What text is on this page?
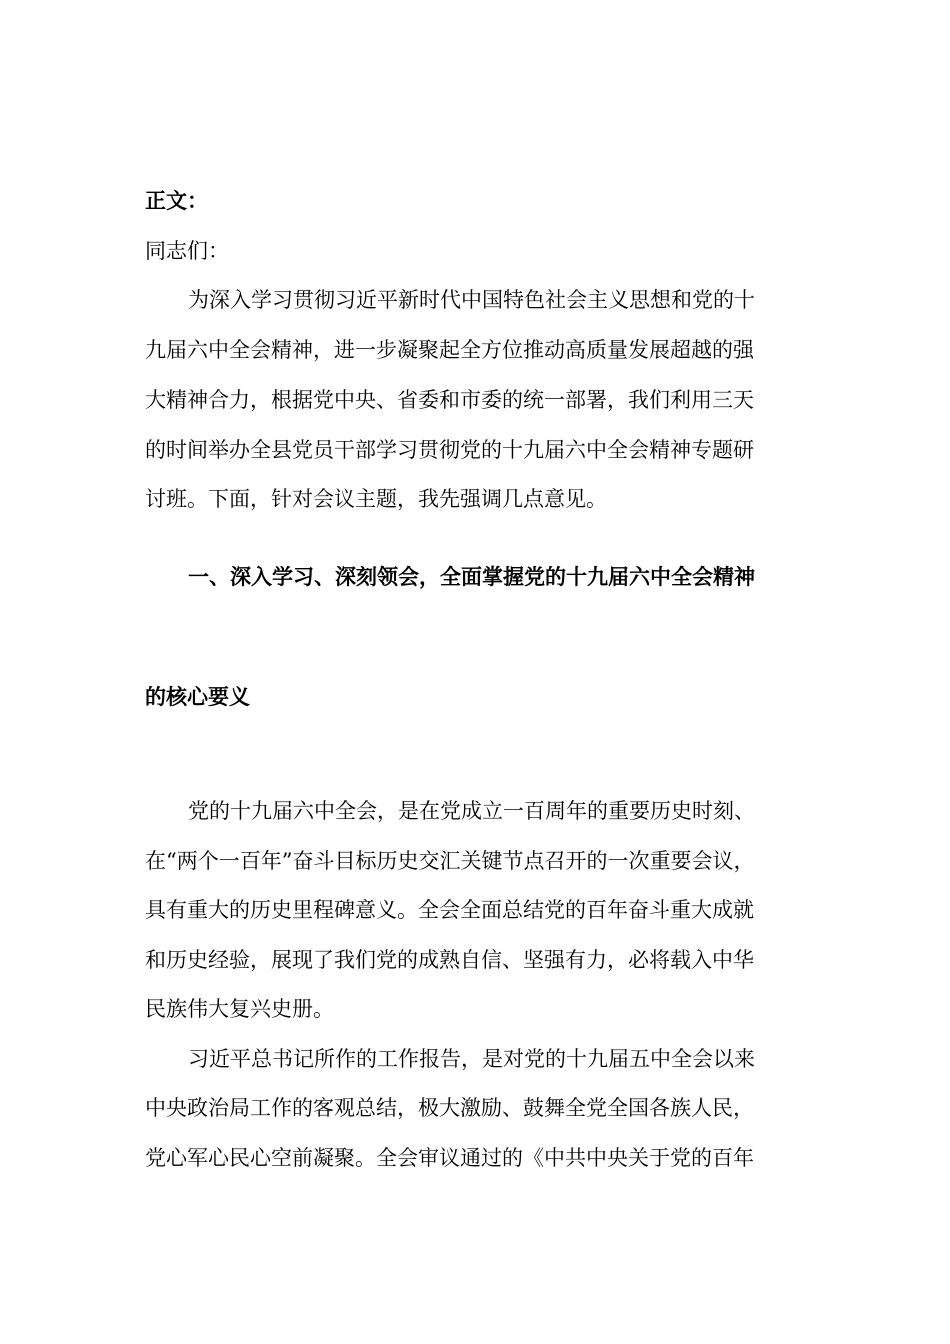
正文：
同志们：
为深入学习贯彻习近平新时代中国特色社会主义思想和党的十
九届六中全会精神，进一步凝聚起全方位推动高质量发展超越的强
大精神合力，根据党中央、省委和市委的统一部署，我们利用三天
的时间举办全县党员干部学习贯彻党的十九届六中全会精神专题研
讨班。下面，针对会议主题，我先强调几点意见。
一、深入学习、深刻领会，全面掌握党的十九届六中全会精神
的核心要义
党的十九届六中全会，是在党成立一百周年的重要历史时刻、
在“两个一百年”奋斗目标历史交汇关键节点召开的一次重要会议，
具有重大的历史里程碑意义。全会全面总结党的百年奋斗重大成就
和历史经验，展现了我们党的成熟自信、坚强有力，必将载入中华
民族伟大复兴史册。
习近平总书记所作的工作报告，是对党的十九届五中全会以来
中央政治局工作的客观总结，极大激励、鼓舞全党全国各族人民，
党心军心民心空前凝聚。全会审议通过的《中共中央关于党的百年
